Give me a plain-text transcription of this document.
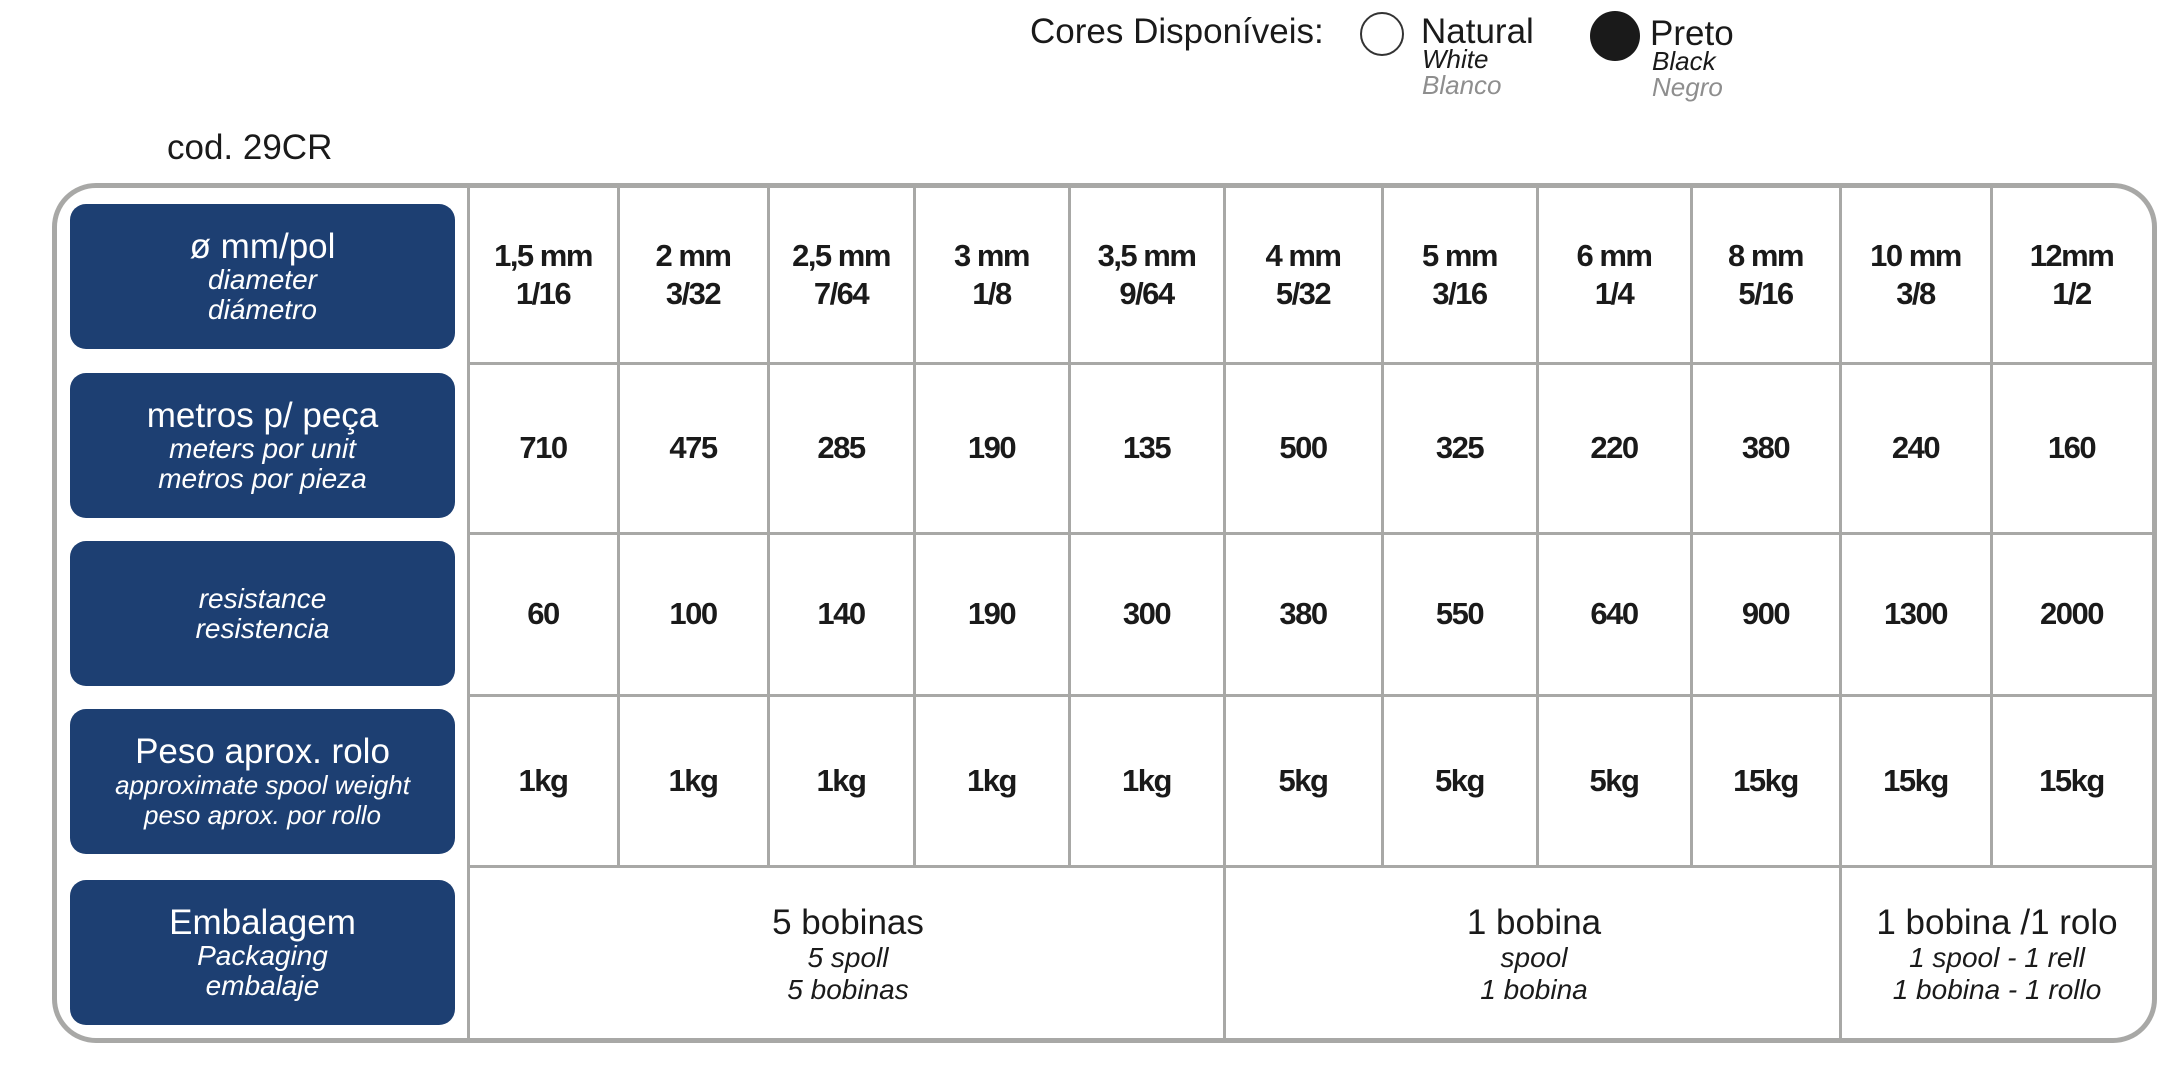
Cores Disponíveis:	Natural
White
Blanco
Preto
Black
Negro
cod. 29CR
ø mm/pol
diameter
diámetro
metros p/ peça
meters por unit
metros por pieza
resistance
resistencia
Peso aprox. rolo
approximate spool weight
peso aprox. por rollo
Embalagem
Packaging
embalaje
1,5 mm
1/16
710
60
1kg
2 mm
3/32
475
100
1kg
2,5 mm
7/64
285
140
1kg
3 mm
1/8
190
190
1kg
3,5 mm
9/64
135
300
1kg
4 mm
5/32
500
380
5kg
5 mm
3/16
325
550
5kg
6 mm
1/4
220
640
5kg
8 mm
5/16
380
900
15kg
10 mm
3/8
240
1300
15kg
12mm
1/2
160
2000
15kg
5 bobinas
5 spoll
5 bobinas
1 bobina
spool
1 bobina
1 bobina /1 rolo
1 spool - 1 rell
1 bobina - 1 rollo
